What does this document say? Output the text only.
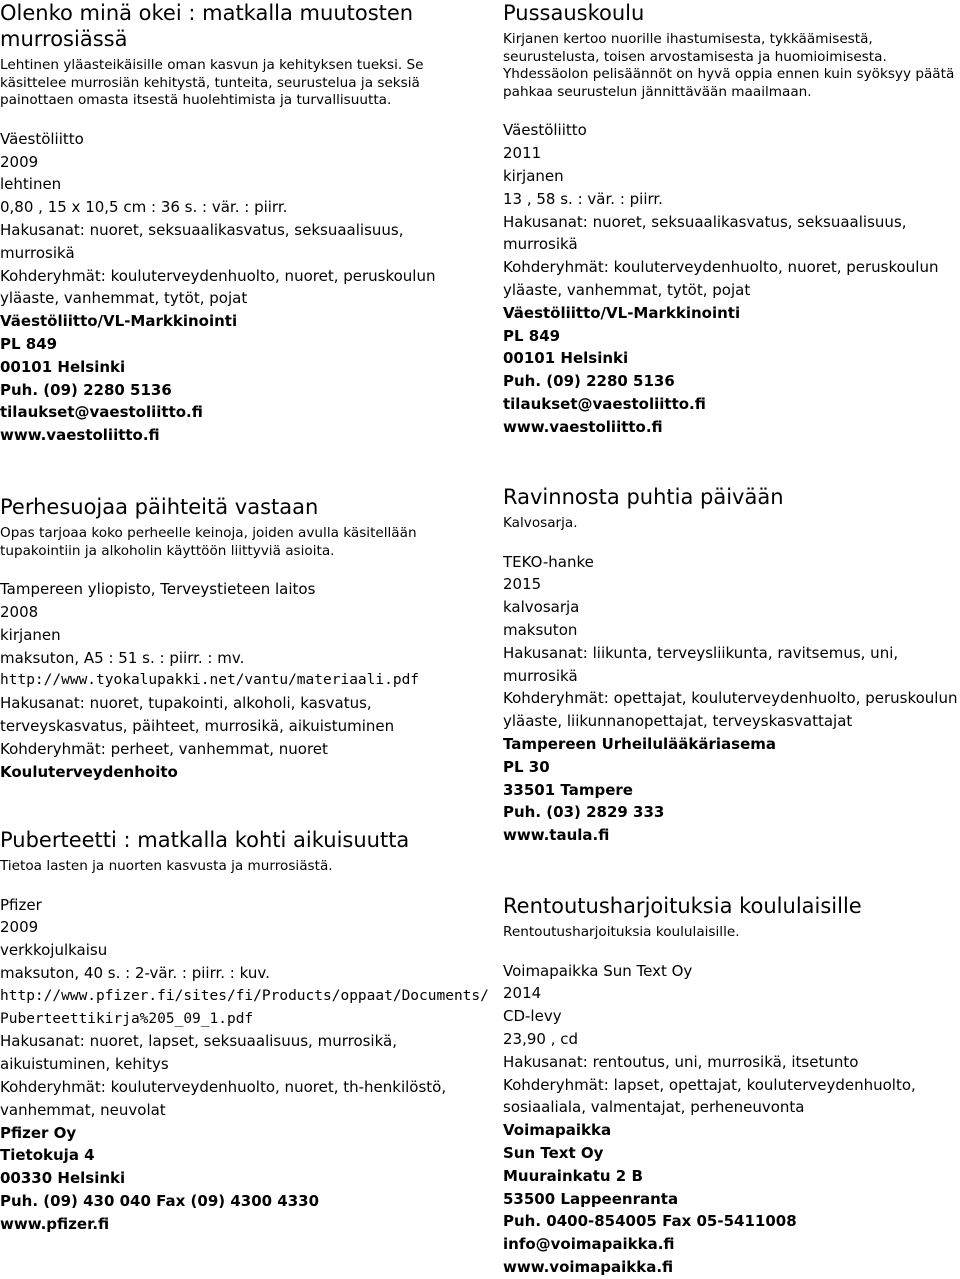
Olenko minä okei : matkalla muutosten murrosiässä

Lehtinen yläasteikäisille oman kasvun ja kehityksen tueksi. Se käsittelee murrosiän kehitystä, tunteita, seurustelua ja seksiä painottaen omasta itsestä huolehtimista ja turvallisuutta.

Väestöliitto
2009
lehtinen
0,80 , 15 x 10,5 cm : 36 s. : vär. : piirr.
Hakusanat: nuoret, seksuaalikasvatus, seksuaalisuus, murrosikä
Kohderyhmät: kouluterveydenhuolto, nuoret, peruskoulun yläaste, vanhemmat, tytöt, pojat
Väestöliitto/VL-Markkinointi
PL 849
00101 Helsinki
Puh. (09) 2280 5136
tilaukset@vaestoliitto.fi
www.vaestoliitto.fi
Pussauskoulu

Kirjanen kertoo nuorille ihastumisesta, tykkäämisestä, seurustelusta, toisen arvostamisesta ja huomioimisesta. Yhdessäolon pelisäännöt on hyvä oppia ennen kuin syöksyy päätä pahkaa seurustelun jännittävään maailmaan.

Väestöliitto
2011
kirjanen
13 , 58 s. : vär. : piirr.
Hakusanat: nuoret, seksuaalikasvatus, seksuaalisuus, murrosikä
Kohderyhmät: kouluterveydenhuolto, nuoret, peruskoulun yläaste, vanhemmat, tytöt, pojat
Väestöliitto/VL-Markkinointi
PL 849
00101 Helsinki
Puh. (09) 2280 5136
tilaukset@vaestoliitto.fi
www.vaestoliitto.fi
Perhesuojaa päihteitä vastaan

Opas tarjoaa koko perheelle keinoja, joiden avulla käsitellään tupakointiin ja alkoholin käyttöön liittyviä asioita.

Tampereen yliopisto, Terveystieteen laitos
2008
kirjanen
maksuton, A5 : 51 s. : piirr. : mv.
http://www.tyokalupakki.net/vantu/materiaali.pdf
Hakusanat: nuoret, tupakointi, alkoholi, kasvatus, terveyskasvatus, päihteet, murrosikä, aikuistuminen
Kohderyhmät: perheet, vanhemmat, nuoret
Kouluterveydenhoito
Ravinnosta puhtia päivään

Kalvosarja.

TEKO-hanke
2015
kalvosarja
maksuton
Hakusanat: liikunta, terveysliikunta, ravitsemus, uni, murrosikä
Kohderyhmät: opettajat, kouluterveydenhuolto, peruskoulun yläaste, liikunnanopettajat, terveyskasvattajat
Tampereen Urheilulääkäriasema
PL 30
33501 Tampere
Puh. (03) 2829 333
www.taula.fi
Puberteetti : matkalla kohti aikuisuutta

Tietoa lasten ja nuorten kasvusta ja murrosiästä.

Pfizer
2009
verkkojulkaisu
maksuton, 40 s. : 2-vär. : piirr. : kuv.
http://www.pfizer.fi/sites/fi/Products/oppaat/Documents/
Puberteettikirja%205_09_1.pdf
Hakusanat: nuoret, lapset, seksuaalisuus, murrosikä, aikuistuminen, kehitys
Kohderyhmät: kouluterveydenhuolto, nuoret, th-henkilöstö, vanhemmat, neuvolat
Pfizer Oy
Tietokuja 4
00330 Helsinki
Puh. (09) 430 040 Fax (09) 4300 4330
www.pfizer.fi
Rentoutusharjoituksia koululaisille

Rentoutusharjoituksia koululaisille.

Voimapaikka Sun Text Oy
2014
CD-levy
23,90 , cd
Hakusanat: rentoutus, uni, murrosikä, itsetunto
Kohderyhmät: lapset, opettajat, kouluterveydenhuolto, sosiaaliala, valmentajat, perheneuvonta
Voimapaikka
Sun Text Oy
Muurainkatu 2 B
53500 Lappeenranta
Puh. 0400-854005 Fax 05-5411008
info@voimapaikka.fi
www.voimapaikka.fi
